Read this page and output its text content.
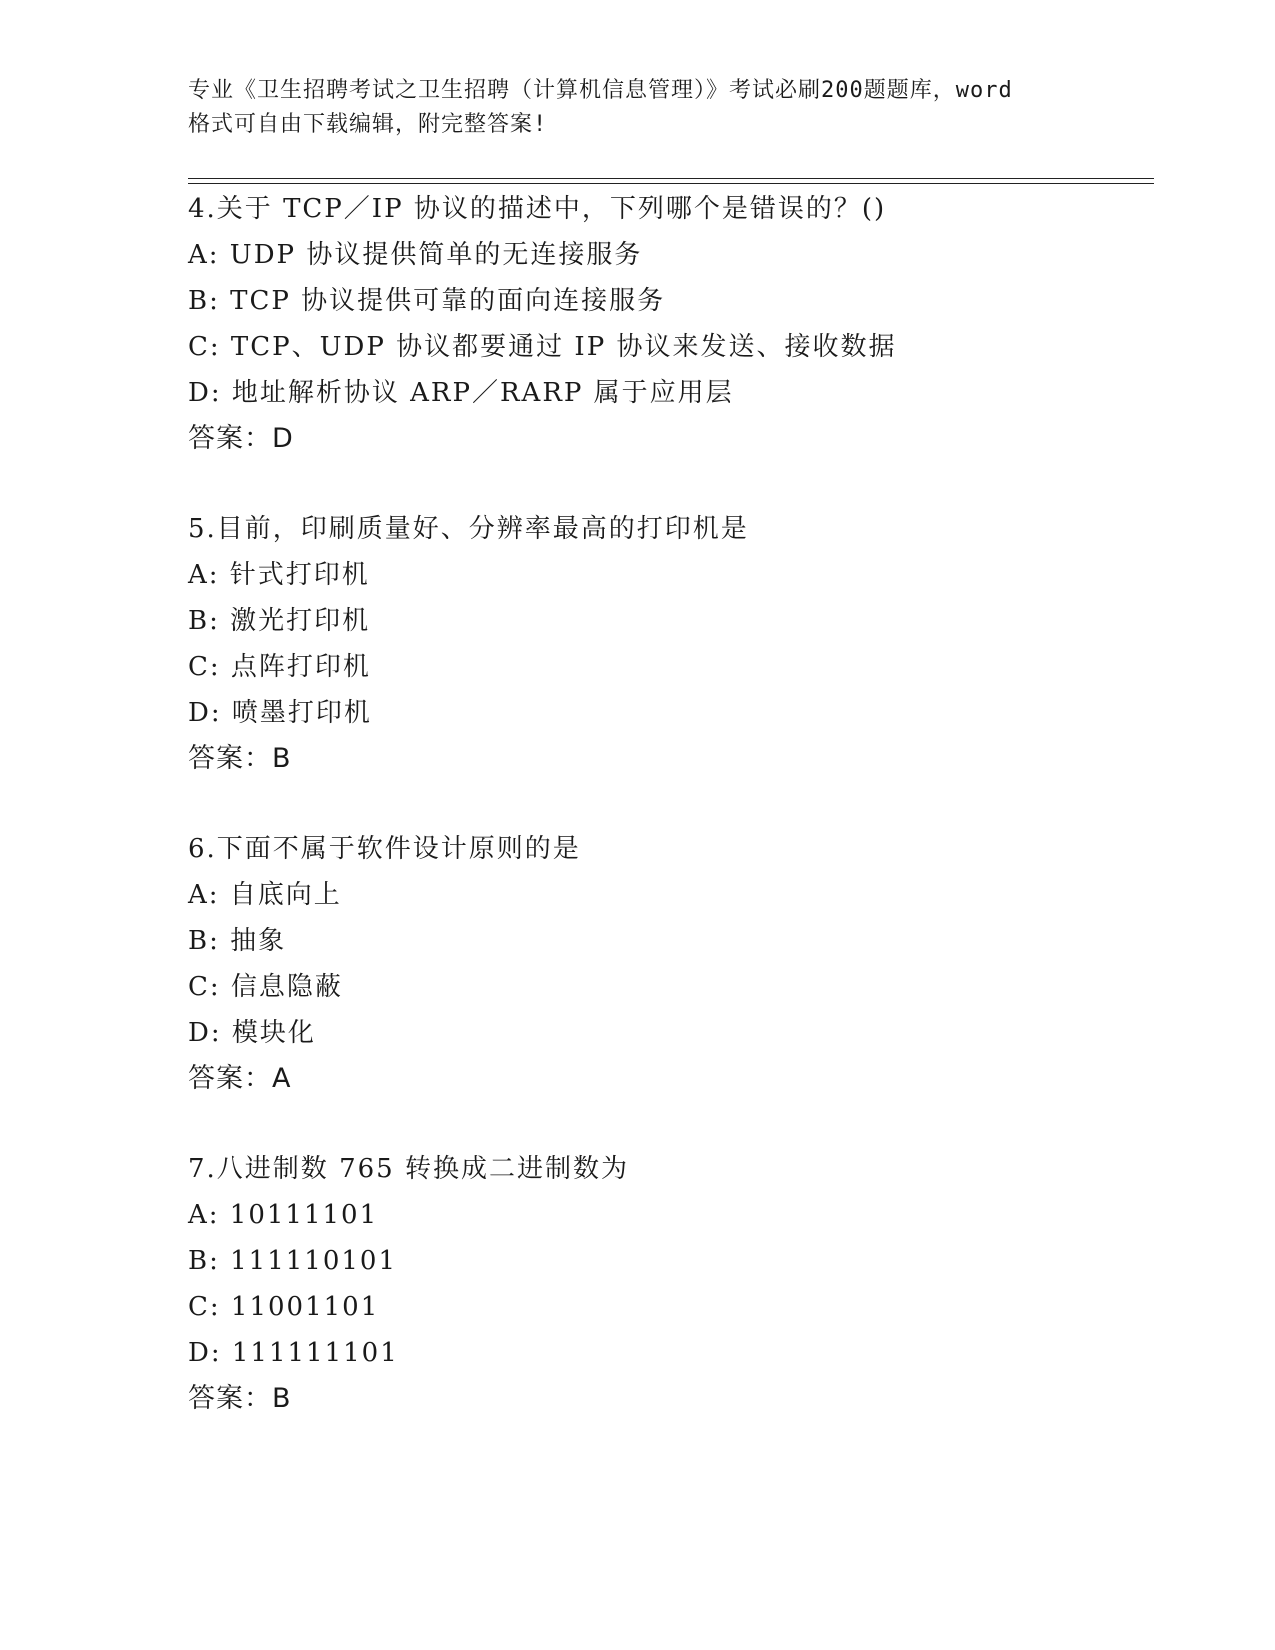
专业《卫生招聘考试之卫生招聘（计算机信息管理）》考试必刷200题题库，word
格式可自由下载编辑，附完整答案!
4.关于 TCP／IP 协议的描述中，下列哪个是错误的？()
A: UDP 协议提供简单的无连接服务
B: TCP 协议提供可靠的面向连接服务
C: TCP、UDP 协议都要通过 IP 协议来发送、接收数据
D: 地址解析协议 ARP／RARP 属于应用层
答案：D
5.目前，印刷质量好、分辨率最高的打印机是
A: 针式打印机
B: 激光打印机
C: 点阵打印机
D: 喷墨打印机
答案：B
6.下面不属于软件设计原则的是
A: 自底向上
B: 抽象
C: 信息隐蔽
D: 模块化
答案：A
7.八进制数 765 转换成二进制数为
A: 10111101
B: 111110101
C: 11001101
D: 111111101
答案：B
